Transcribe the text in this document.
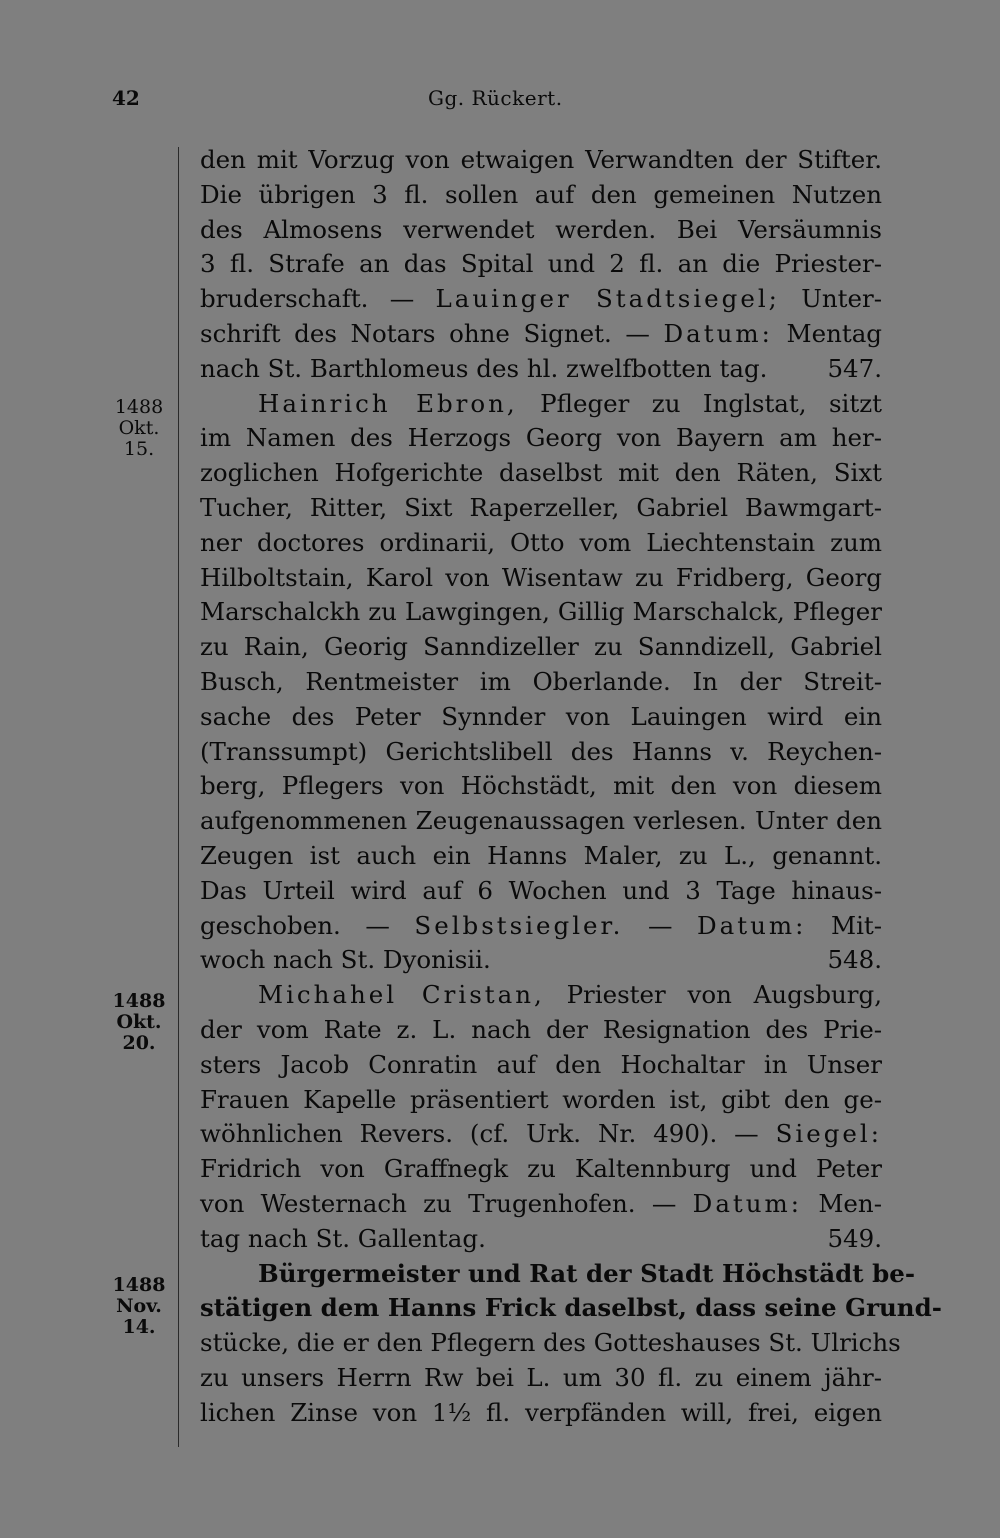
42	Gg. Rückert.
1488
Okt.
15.
1488
Okt.
20.
1488
Nov.
14.
den mit Vorzug von etwaigen Verwandten der Stifter.
Die übrigen 3 fl. sollen auf den gemeinen Nutzen
des Almosens verwendet werden. Bei Versäumnis
3 fl. Strafe an das Spital und 2 fl. an die Priester-
bruderschaft. — Lauinger Stadtsiegel; Unter-
schrift des Notars ohne Signet. — Datum: Mentag
nach St. Barthlomeus des hl. zwelfbotten tag. 547.
Hainrich Ebron, Pfleger zu Inglstat, sitzt
im Namen des Herzogs Georg von Bayern am her-
zoglichen Hofgerichte daselbst mit den Räten, Sixt
Tucher, Ritter, Sixt Raperzeller, Gabriel Bawmgart-
ner doctores ordinarii, Otto vom Liechtenstain zum
Hilboltstain, Karol von Wisentaw zu Fridberg, Georg
Marschalckh zu Lawgingen, Gillig Marschalck, Pfleger
zu Rain, Georig Sanndizeller zu Sanndizell, Gabriel
Busch, Rentmeister im Oberlande. In der Streit-
sache des Peter Synnder von Lauingen wird ein
(Transsumpt) Gerichtslibell des Hanns v. Reychen-
berg, Pflegers von Höchstädt, mit den von diesem
aufgenommenen Zeugenaussagen verlesen. Unter den
Zeugen ist auch ein Hanns Maler, zu L., genannt.
Das Urteil wird auf 6 Wochen und 3 Tage hinaus-
geschoben. — Selbstsiegler. — Datum: Mit-
woch nach St. Dyonisii.	548.
Michahel Cristan, Priester von Augsburg,
der vom Rate z. L. nach der Resignation des Prie-
sters Jacob Conratin auf den Hochaltar in Unser
Frauen Kapelle präsentiert worden ist, gibt den ge-
wöhnlichen Revers. (cf. Urk. Nr. 490). — Siegel:
Fridrich von Graffnegk zu Kaltennburg und Peter
von Westernach zu Trugenhofen. — Datum: Men-
tag nach St. Gallentag.	549.
Bürgermeister und Rat der Stadt Höchstädt be-
stätigen dem Hanns Frick daselbst, dass seine Grund-
stücke, die er den Pflegern des Gotteshauses St. Ulrichs
zu unsers Herrn Rw bei L. um 30 fl. zu einem jähr-
lichen Zinse von 1½ fl. verpfänden will, frei, eigen
